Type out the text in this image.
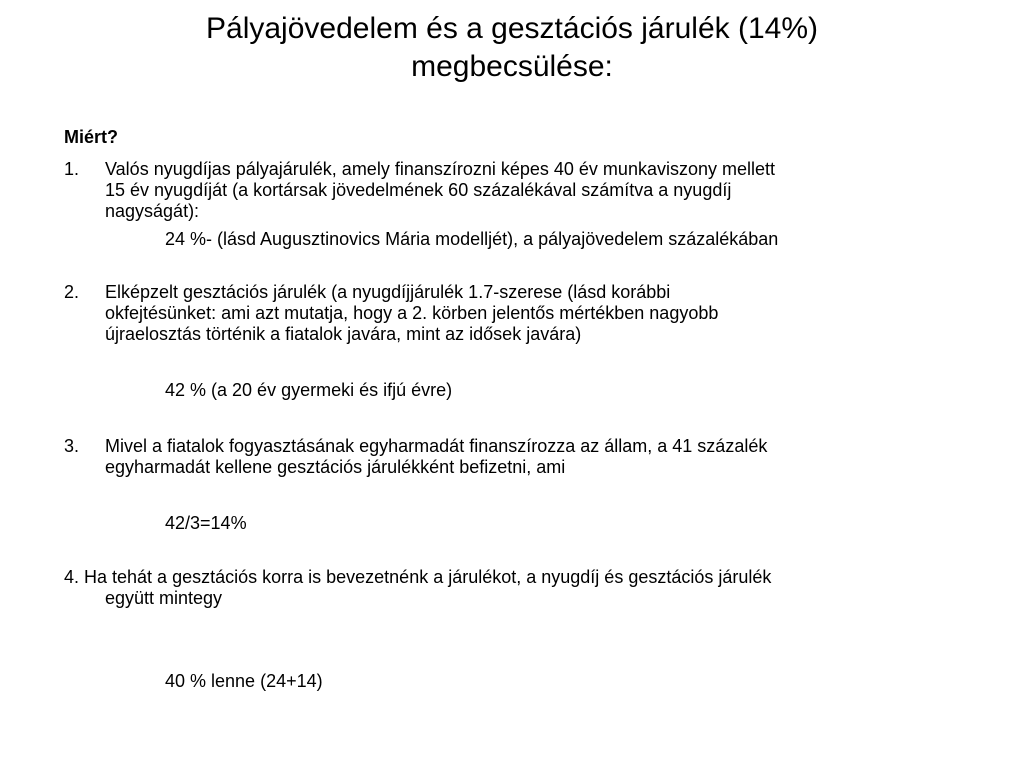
Pályajövedelem és a gesztációs járulék (14%)
megbecsülése:

Miért?

1. Valós nyugdíjas pályajárulék, amely finanszírozni képes 40 év munkaviszony mellett
15 év nyugdíját (a kortársak jövedelmének 60 százalékával számítva a nyugdíj
nagyságát):

24 %- (lásd Augusztinovics Mária modelljét), a pályajövedelem százalékában

2. Elképzelt gesztációs járulék (a nyugdíjjárulék 1.7-szerese (lásd korábbi
okfejtésünket: ami azt mutatja, hogy a 2. körben jelentős mértékben nagyobb
újraelosztás történik a fiatalok javára, mint az idősek javára)

42 % (a 20 év gyermeki és ifjú évre)

3. Mivel a fiatalok fogyasztásának egyharmadát finanszírozza az állam, a 41 százalék
egyharmadát kellene gesztációs járulékként befizetni, ami

42/3=14%

4. Ha tehát a gesztációs korra is bevezetnénk a járulékot, a nyugdíj és gesztációs járulék
együtt mintegy

40 % lenne (24+14)
